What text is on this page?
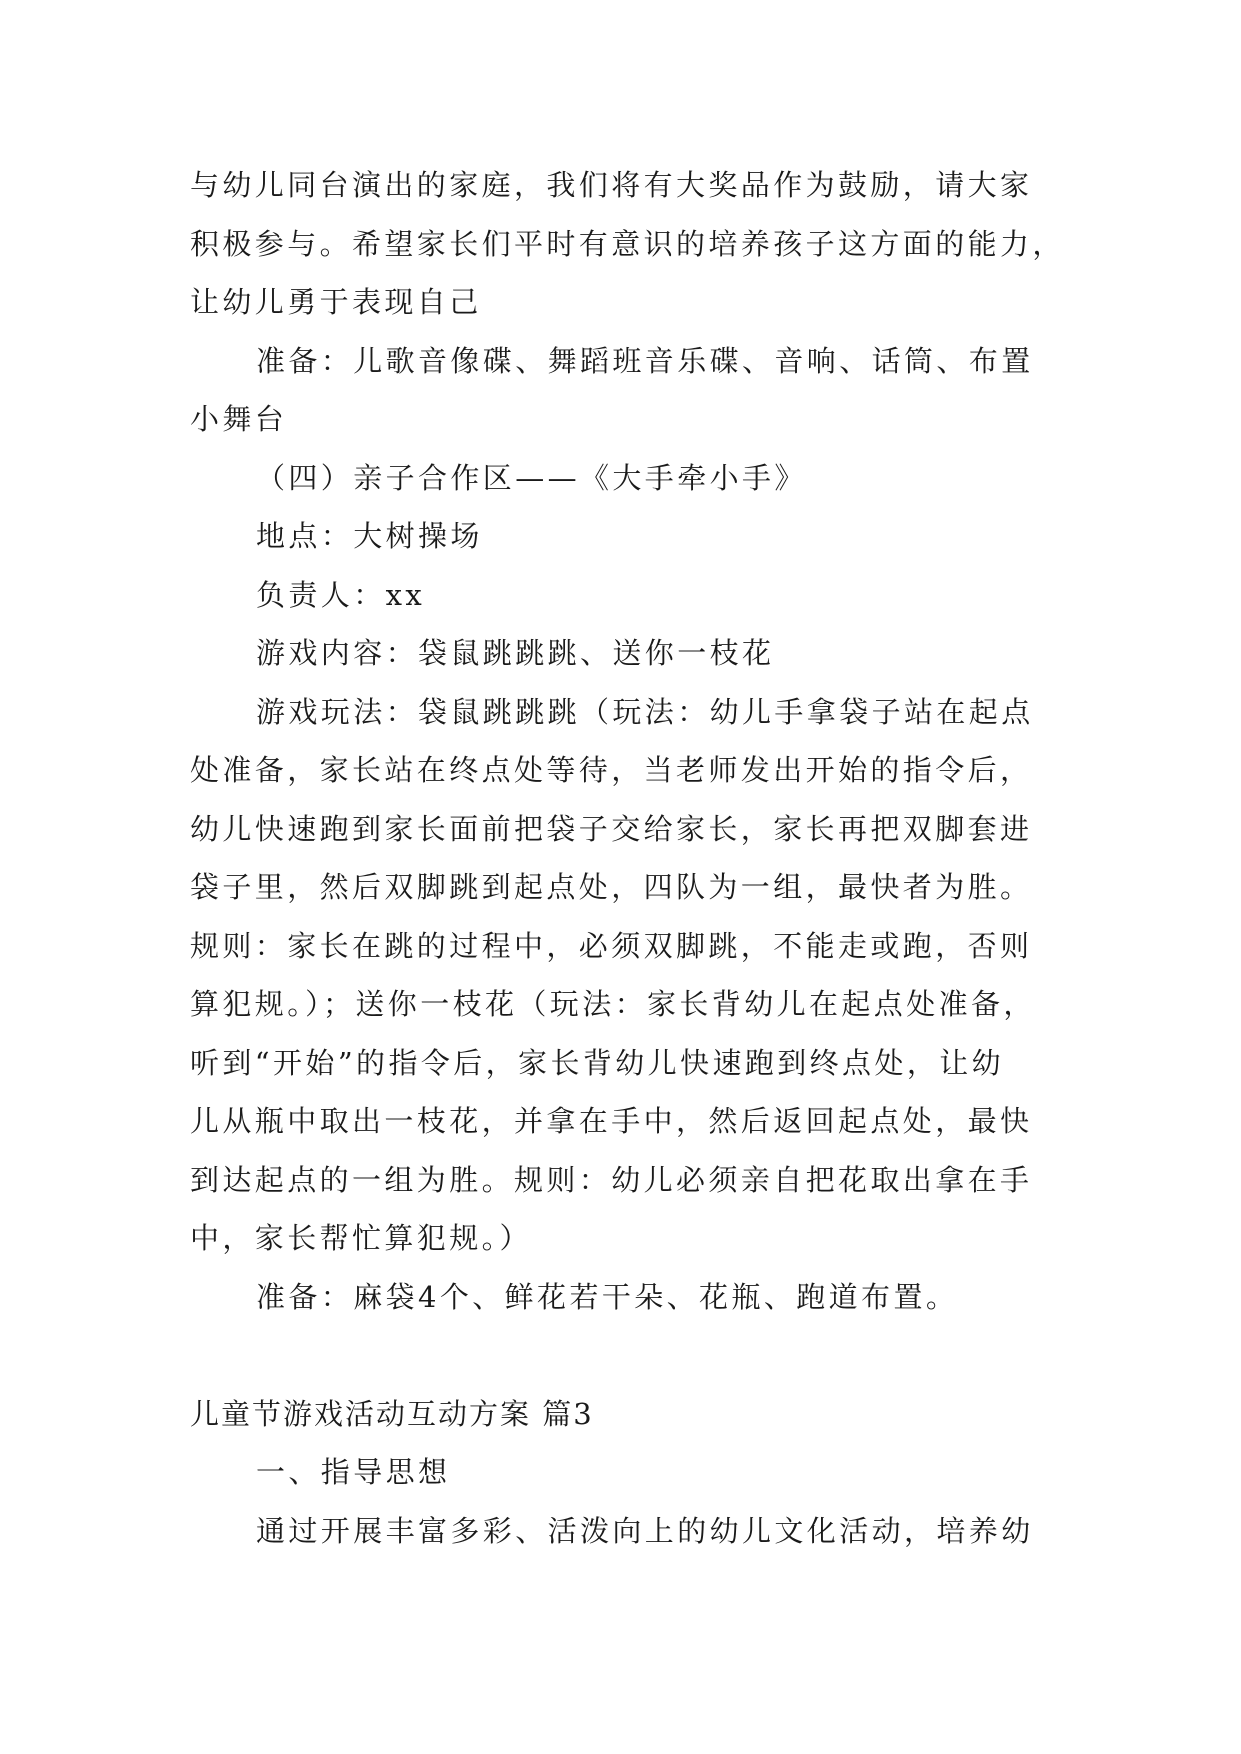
与幼儿同台演出的家庭，我们将有大奖品作为鼓励，请大家
积极参与。希望家长们平时有意识的培养孩子这方面的能力，
让幼儿勇于表现自己
准备：儿歌音像碟、舞蹈班音乐碟、音响、话筒、布置
小舞台
（四）亲子合作区——《大手牵小手》
地点：大树操场
负责人：xx
游戏内容：袋鼠跳跳跳、送你一枝花
游戏玩法：袋鼠跳跳跳（玩法：幼儿手拿袋子站在起点
处准备，家长站在终点处等待，当老师发出开始的指令后，
幼儿快速跑到家长面前把袋子交给家长，家长再把双脚套进
袋子里，然后双脚跳到起点处，四队为一组，最快者为胜。
规则：家长在跳的过程中，必须双脚跳，不能走或跑，否则
算犯规。）；送你一枝花（玩法：家长背幼儿在起点处准备，
听到“开始”的指令后，家长背幼儿快速跑到终点处，让幼
儿从瓶中取出一枝花，并拿在手中，然后返回起点处，最快
到达起点的一组为胜。规则：幼儿必须亲自把花取出拿在手
中，家长帮忙算犯规。）
准备：麻袋4个、鲜花若干朵、花瓶、跑道布置。
儿童节游戏活动互动方案 篇3
一、指导思想
通过开展丰富多彩、活泼向上的幼儿文化活动，培养幼
